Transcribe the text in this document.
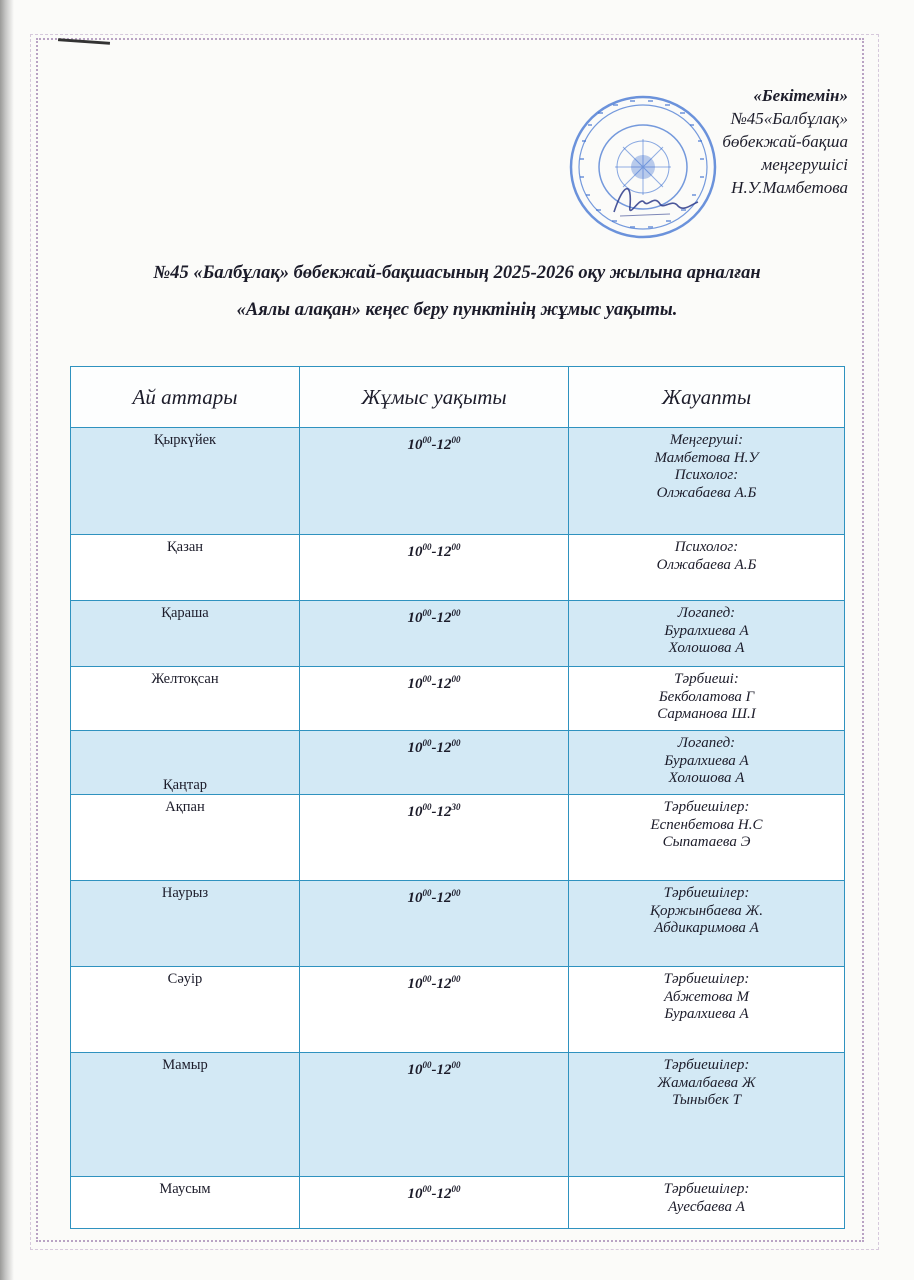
«Бекітемін»
№45«Балбұлақ»
бөбекжай-бақша
меңгерушісі
Н.У.Мамбетова
№45 «Балбұлақ» бөбекжай-бақшасының 2025-2026 оқу жылына арналған
«Аялы алақан» кеңес беру пунктінің жұмыс уақыты.
Ай аттары	Жұмыс уақыты	Жауапты
Қыркүйек	$10^{00}-12^{00}$	Меңгеруші:
Мамбетова Н.У
Психолог:
Олжабаева А.Б

Қазан	$10^{00}-12^{00}$	Психолог:
Олжабаева А.Б

Қараша	$10^{00}-12^{00}$	Логапед:
Буралхиева А
Холошова А

Желтоқсан	$10^{00}-12^{00}$	Тәрбиеші:
Бекболатова Г
Сарманова Ш.І

Қаңтар	$10^{00}-12^{00}$	Логапед:
Буралхиева А
Холошова А

Ақпан	$10^{00}-12^{30}$	Тәрбиешілер:
Еспенбетова Н.С
Сыпатаева Э

Наурыз	$10^{00}-12^{00}$	Тәрбиешілер:
Қоржынбаева Ж.
Абдикаримова А

Сәуір	$10^{00}-12^{00}$	Тәрбиешілер:
Абжетова М
Буралхиева А

Мамыр	$10^{00}-12^{00}$	Тәрбиешілер:
Жамалбаева Ж
Тыныбек Т

Маусым	$10^{00}-12^{00}$	Тәрбиешілер:
Ауесбаева А
